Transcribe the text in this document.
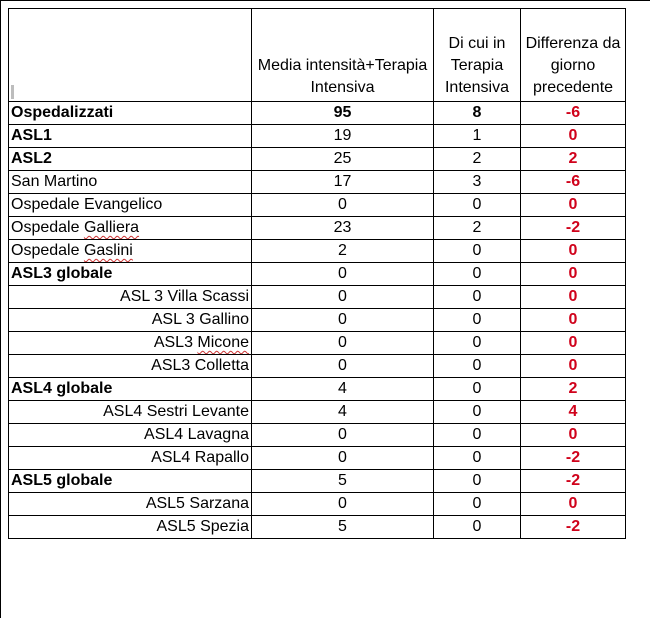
	Media intensità+Terapia Intensiva	Di cui in Terapia Intensiva	Differenza da giorno precedente
Ospedalizzati	95	8	-6
ASL1	19	1	0
ASL2	25	2	2
San Martino	17	3	-6
Ospedale Evangelico	0	0	0
Ospedale Galliera	23	2	-2
Ospedale Gaslini	2	0	0
ASL3 globale	0	0	0
ASL 3 Villa Scassi	0	0	0
ASL 3 Gallino	0	0	0
ASL3 Micone	0	0	0
ASL3 Colletta	0	0	0
ASL4 globale	4	0	2
ASL4 Sestri Levante	4	0	4
ASL4 Lavagna	0	0	0
ASL4 Rapallo	0	0	-2
ASL5 globale	5	0	-2
ASL5 Sarzana	0	0	0
ASL5 Spezia	5	0	-2
